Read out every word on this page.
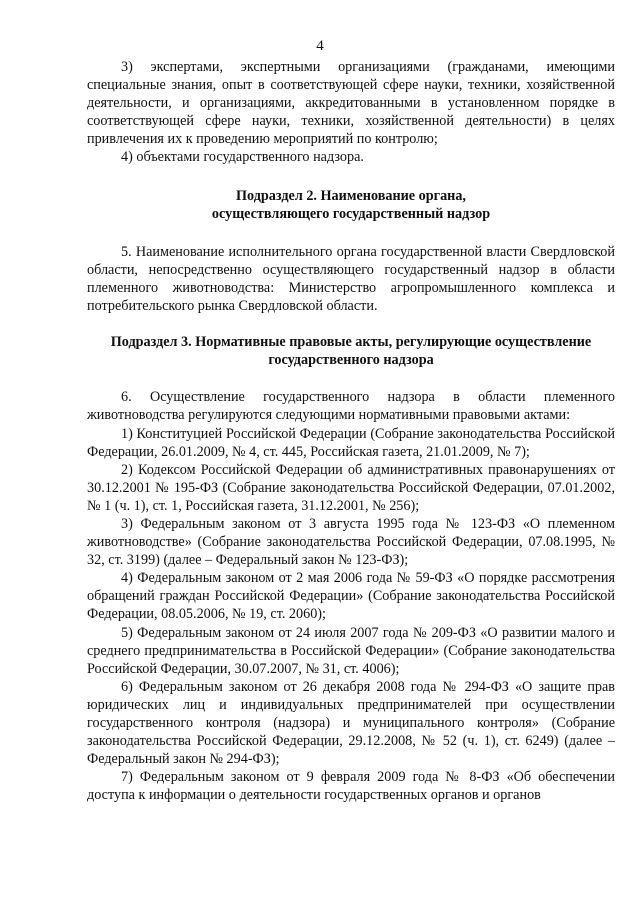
4

3) экспертами, экспертными организациями (гражданами, имеющими специальные знания, опыт в соответствующей сфере науки, техники, хозяйственной деятельности, и организациями, аккредитованными в установленном порядке в соответствующей сфере науки, техники, хозяйственной деятельности) в целях привлечения их к проведению мероприятий по контролю;

4) объектами государственного надзора.

Подраздел 2. Наименование органа,
осуществляющего государственный надзор

5. Наименование исполнительного органа государственной власти Свердловской области, непосредственно осуществляющего государственный надзор в области племенного животноводства: Министерство агропромышленного комплекса и потребительского рынка Свердловской области.

Подраздел 3. Нормативные правовые акты, регулирующие осуществление
государственного надзора

6. Осуществление государственного надзора в области племенного животноводства регулируются следующими нормативными правовыми актами:

1) Конституцией Российской Федерации (Собрание законодательства Российской Федерации, 26.01.2009, № 4, ст. 445, Российская газета, 21.01.2009, № 7);

2) Кодексом Российской Федерации об административных правонарушениях от 30.12.2001 № 195-ФЗ (Собрание законодательства Российской Федерации, 07.01.2002, № 1 (ч. 1), ст. 1, Российская газета, 31.12.2001, № 256);

3) Федеральным законом от 3 августа 1995 года № 123-ФЗ «О племенном животноводстве» (Собрание законодательства Российской Федерации, 07.08.1995, № 32, ст. 3199) (далее – Федеральный закон № 123-ФЗ);

4) Федеральным законом от 2 мая 2006 года № 59-ФЗ «О порядке рассмотрения обращений граждан Российской Федерации» (Собрание законодательства Российской Федерации, 08.05.2006, № 19, ст. 2060);

5) Федеральным законом от 24 июля 2007 года № 209-ФЗ «О развитии малого и среднего предпринимательства в Российской Федерации» (Собрание законодательства Российской Федерации, 30.07.2007, № 31, ст. 4006);

6) Федеральным законом от 26 декабря 2008 года № 294-ФЗ «О защите прав юридических лиц и индивидуальных предпринимателей при осуществлении государственного контроля (надзора) и муниципального контроля» (Собрание законодательства Российской Федерации, 29.12.2008, № 52 (ч. 1), ст. 6249) (далее – Федеральный закон № 294-ФЗ);

7) Федеральным законом от 9 февраля 2009 года № 8-ФЗ «Об обеспечении доступа к информации о деятельности государственных органов и органов
